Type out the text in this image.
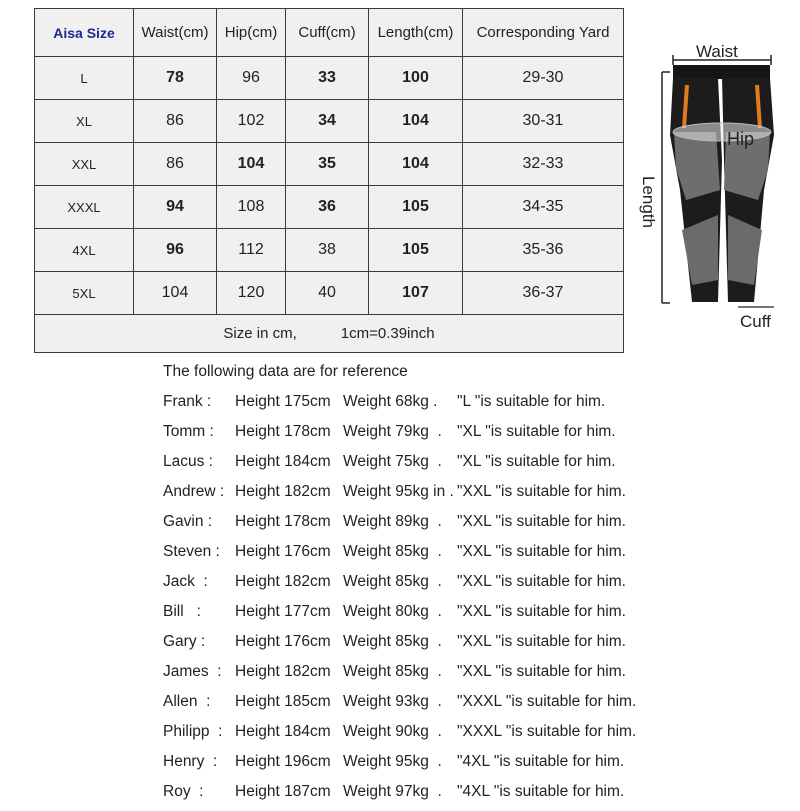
Aisa Size	Waist(cm)	Hip(cm)	Cuff(cm)	Length(cm)	Corresponding Yard
L	78	96	33	100	29-30
XL	86	102	34	104	30-31
XXL	86	104	35	104	32-33
XXXL	94	108	36	105	34-35
4XL	96	112	38	105	35-36
5XL	104	120	40	107	36-37
Size in cm, 1cm=0.39inch					
Waist
Hip
Length
Cuff
The following data are for reference
Frank : Height 175cm Weight 68kg . "L "is suitable for him.
Tomm : Height 178cm Weight 79kg  . "XL "is suitable for him.
Lacus : Height 184cm Weight 75kg  . "XL "is suitable for him.
Andrew : Height 182cm Weight 95kg in . "XXL "is suitable for him.
Gavin : Height 178cm Weight 89kg  . "XXL "is suitable for him.
Steven : Height 176cm Weight 85kg  . "XXL "is suitable for him.
Jack  : Height 182cm Weight 85kg  . "XXL "is suitable for him.
Bill   : Height 177cm Weight 80kg  . "XXL "is suitable for him.
Gary : Height 176cm Weight 85kg  . "XXL "is suitable for him.
James  : Height 182cm Weight 85kg  . "XXL "is suitable for him.
Allen  : Height 185cm Weight 93kg  . "XXXL "is suitable for him.
Philipp  : Height 184cm Weight 90kg  . "XXXL "is suitable for him.
Henry  : Height 196cm Weight 95kg  . "4XL "is suitable for him.
Roy  : Height 187cm Weight 97kg  . "4XL "is suitable for him.
